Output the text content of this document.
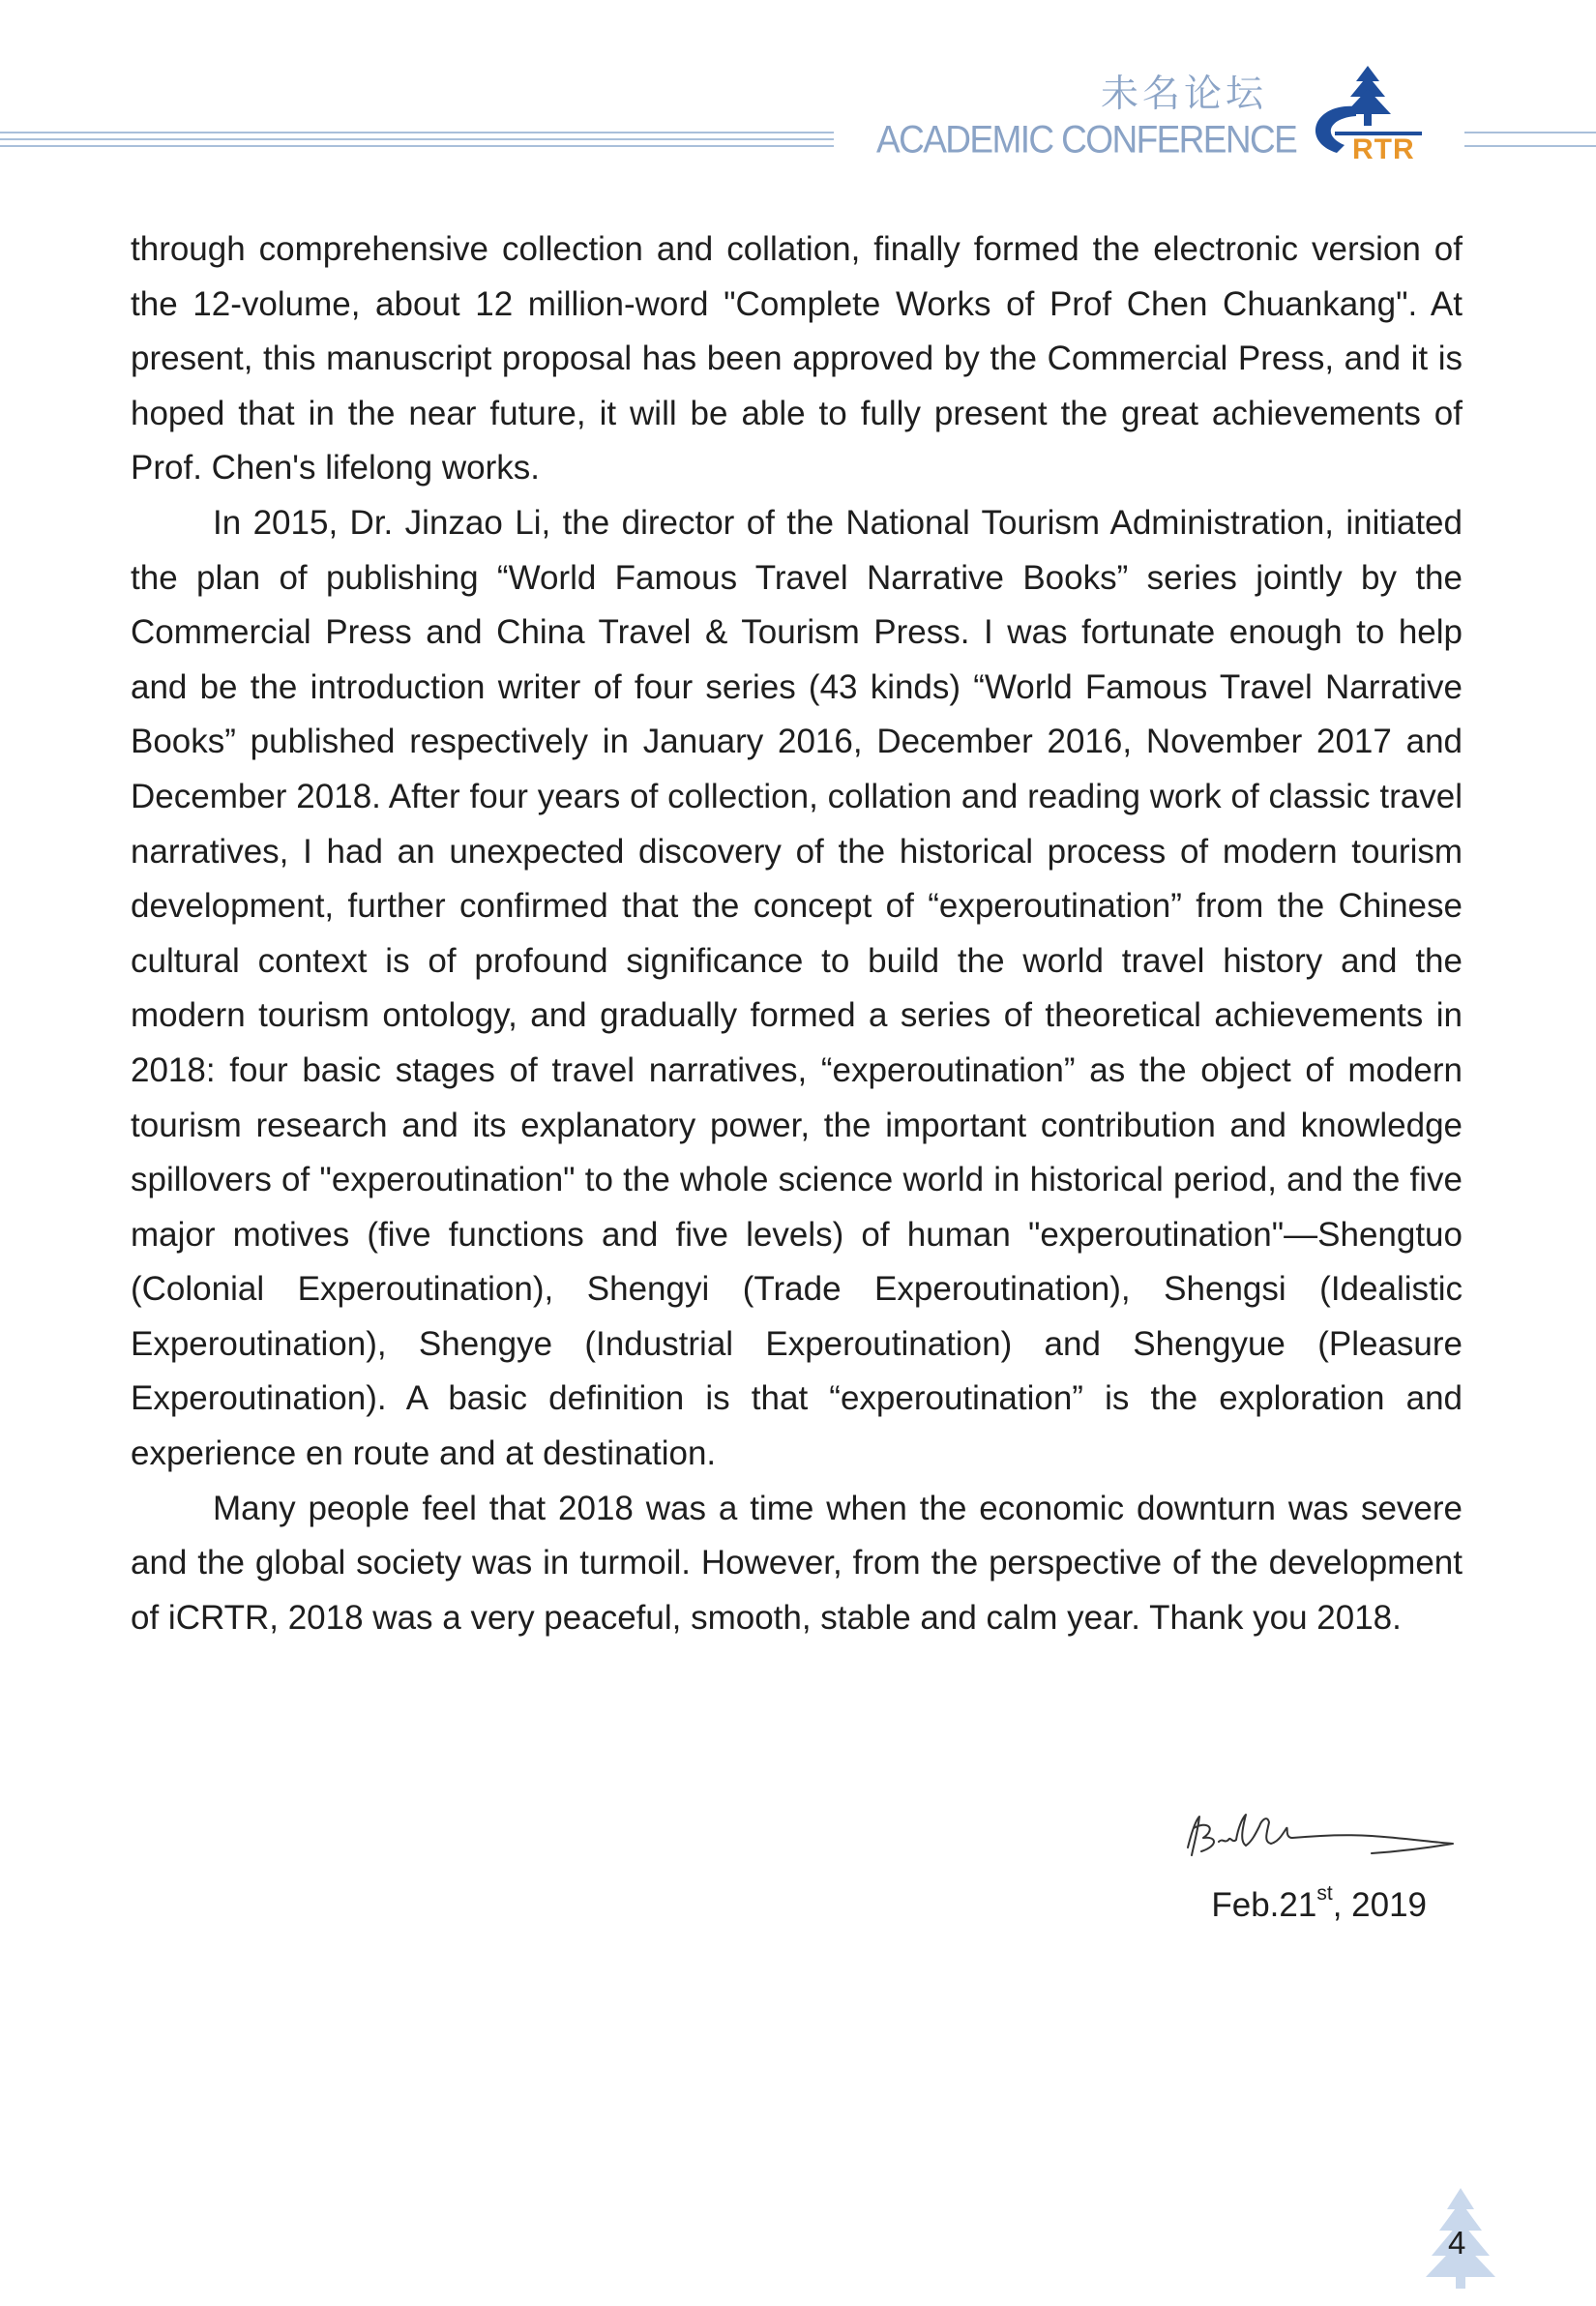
未名论坛
ACADEMIC CONFERENCE RTR

through comprehensive collection and collation, finally formed the electronic version of the 12-volume, about 12 million-word "Complete Works of Prof Chen Chuankang". At present, this manuscript proposal has been approved by the Commercial Press, and it is hoped that in the near future, it will be able to fully present the great achievements of Prof. Chen's lifelong works.

In 2015, Dr. Jinzao Li, the director of the National Tourism Administration, initiated the plan of publishing “World Famous Travel Narrative Books” series jointly by the Commercial Press and China Travel & Tourism Press. I was fortunate enough to help and be the introduction writer of four series (43 kinds) “World Famous Travel Narrative Books” published respectively in January 2016, December 2016, November 2017 and December 2018. After four years of collection, collation and reading work of classic travel narratives, I had an unexpected discovery of the historical process of modern tourism development, further confirmed that the concept of “experoutination” from the Chinese cultural context is of profound significance to build the world travel history and the modern tourism ontology, and gradually formed a series of theoretical achievements in 2018: four basic stages of travel narratives, “experoutination” as the object of modern tourism research and its explanatory power, the important contribution and knowledge spillovers of "experoutination" to the whole science world in historical period, and the five major motives (five functions and five levels) of human "experoutination"—Shengtuo (Colonial Experoutination), Shengyi (Trade Experoutination), Shengsi (Idealistic Experoutination), Shengye (Industrial Experoutination) and Shengyue (Pleasure Experoutination). A basic definition is that “experoutination” is the exploration and experience en route and at destination.

Many people feel that 2018 was a time when the economic downturn was severe and the global society was in turmoil. However, from the perspective of the development of iCRTR, 2018 was a very peaceful, smooth, stable and calm year. Thank you 2018.

Feb.21st, 2019
4
